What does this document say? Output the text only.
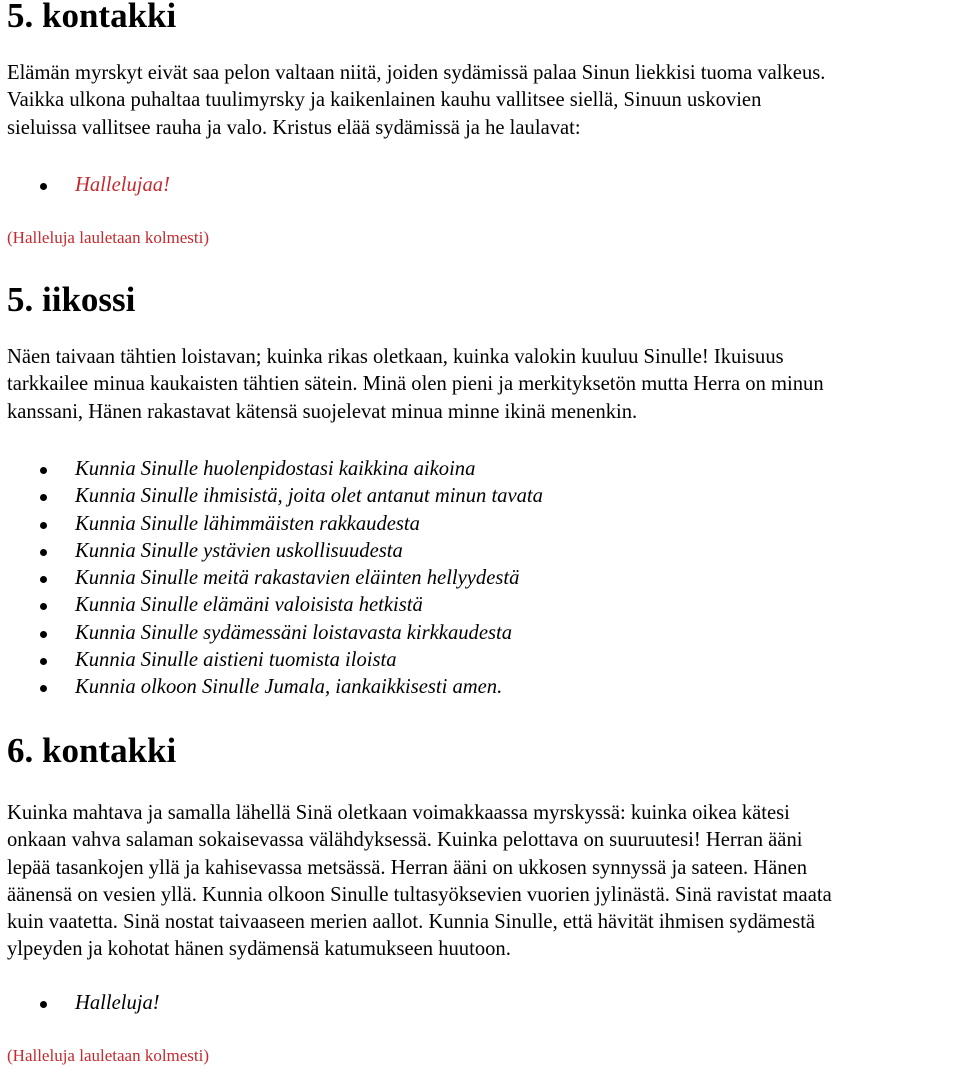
5. kontakki
Elämän myrskyt eivät saa pelon valtaan niitä, joiden sydämissä palaa Sinun liekkisi tuoma valkeus.
Vaikka ulkona puhaltaa tuulimyrsky ja kaikenlainen kauhu vallitsee siellä, Sinuun uskovien
sieluissa vallitsee rauha ja valo. Kristus elää sydämissä ja he laulavat:
Hallelujaa!
(Halleluja lauletaan kolmesti)
5. iikossi
Näen taivaan tähtien loistavan; kuinka rikas oletkaan, kuinka valokin kuuluu Sinulle! Ikuisuus
tarkkailee minua kaukaisten tähtien sätein. Minä olen pieni ja merkityksetön mutta Herra on minun
kanssani, Hänen rakastavat kätensä suojelevat minua minne ikinä menenkin.
Kunnia Sinulle huolenpidostasi kaikkina aikoina
Kunnia Sinulle ihmisistä, joita olet antanut minun tavata
Kunnia Sinulle lähimmäisten rakkaudesta
Kunnia Sinulle ystävien uskollisuudesta
Kunnia Sinulle meitä rakastavien eläinten hellyydestä
Kunnia Sinulle elämäni valoisista hetkistä
Kunnia Sinulle sydämessäni loistavasta kirkkaudesta
Kunnia Sinulle aistieni tuomista iloista
Kunnia olkoon Sinulle Jumala, iankaikkisesti amen.
6. kontakki
Kuinka mahtava ja samalla lähellä Sinä oletkaan voimakkaassa myrskyssä: kuinka oikea kätesi
onkaan vahva salaman sokaisevassa välähdyksessä. Kuinka pelottava on suuruutesi! Herran ääni
lepää tasankojen yllä ja kahisevassa metsässä. Herran ääni on ukkosen synnyssä ja sateen. Hänen
äänensä on vesien yllä. Kunnia olkoon Sinulle tultasyöksevien vuorien jylinästä. Sinä ravistat maata
kuin vaatetta. Sinä nostat taivaaseen merien aallot. Kunnia Sinulle, että hävität ihmisen sydämestä
ylpeyden ja kohotat hänen sydämensä katumukseen huutoon.
Halleluja!
(Halleluja lauletaan kolmesti)
